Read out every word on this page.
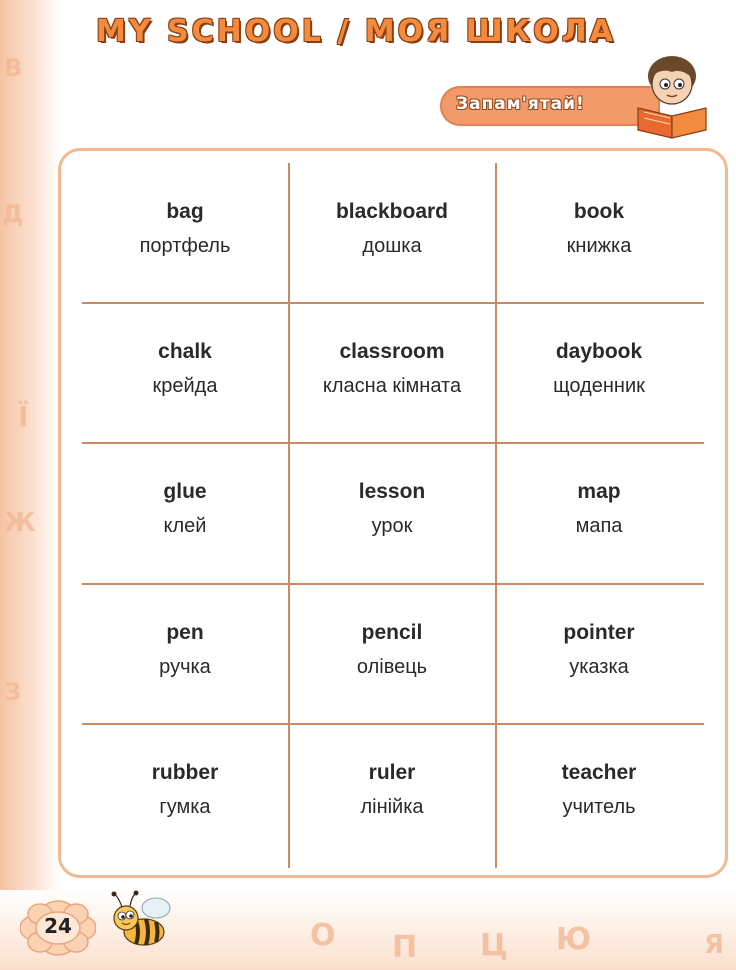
В
Д
Ї
Ж
З
О П Ц Ю	Я
MY SCHOOL / МОЯ ШКОЛА
Запам'ятай!
bag
портфель
blackboard
дошка
book
книжка
chalk
крейда
classroom
класна кімната
daybook
щоденник
glue
клей
lesson
урок
map
мапа
pen
ручка
pencil
олівець
pointer
указка
rubber
гумка
ruler
лінійка
teacher
учитель
24
